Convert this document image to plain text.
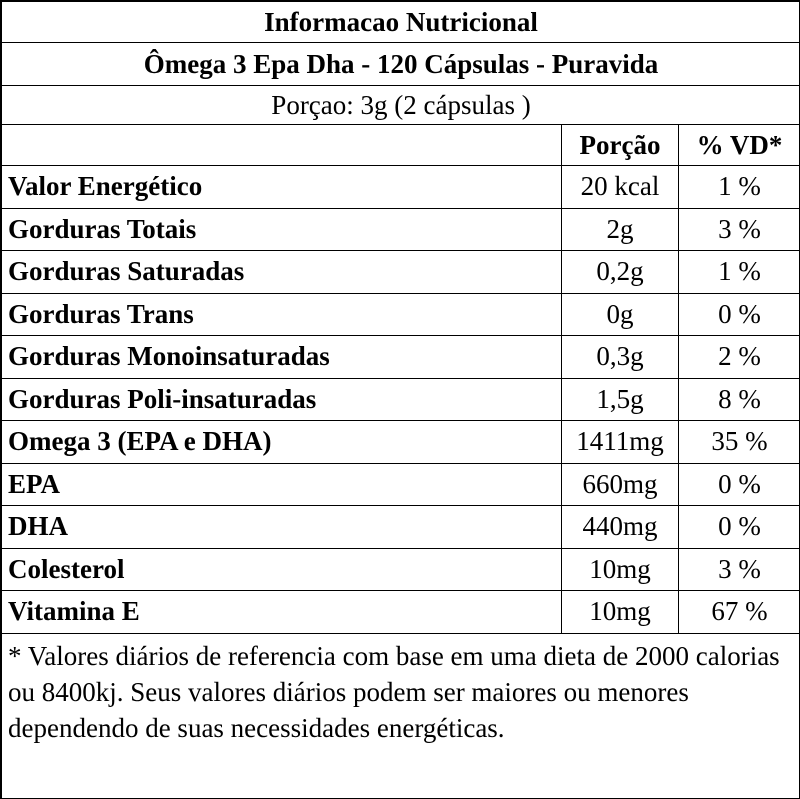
Informacao Nutricional		
Ômega 3 Epa Dha - 120 Cápsulas - Puravida		
Porçao: 3g (2 cápsulas )		
	Porção	% VD*
Valor Energético	20 kcal	1 %
Gorduras Totais	2g	3 %
Gorduras Saturadas	0,2g	1 %
Gorduras Trans	0g	0 %
Gorduras Monoinsaturadas	0,3g	2 %
Gorduras Poli-insaturadas	1,5g	8 %
Omega 3 (EPA e DHA)	1411mg	35 %
EPA	660mg	0 %
DHA	440mg	0 %
Colesterol	10mg	3 %
Vitamina E	10mg	67 %
* Valores diários de referencia com base em uma dieta de 2000 calorias ou 8400kj. Seus valores diários podem ser maiores ou menores dependendo de suas necessidades energéticas.		
